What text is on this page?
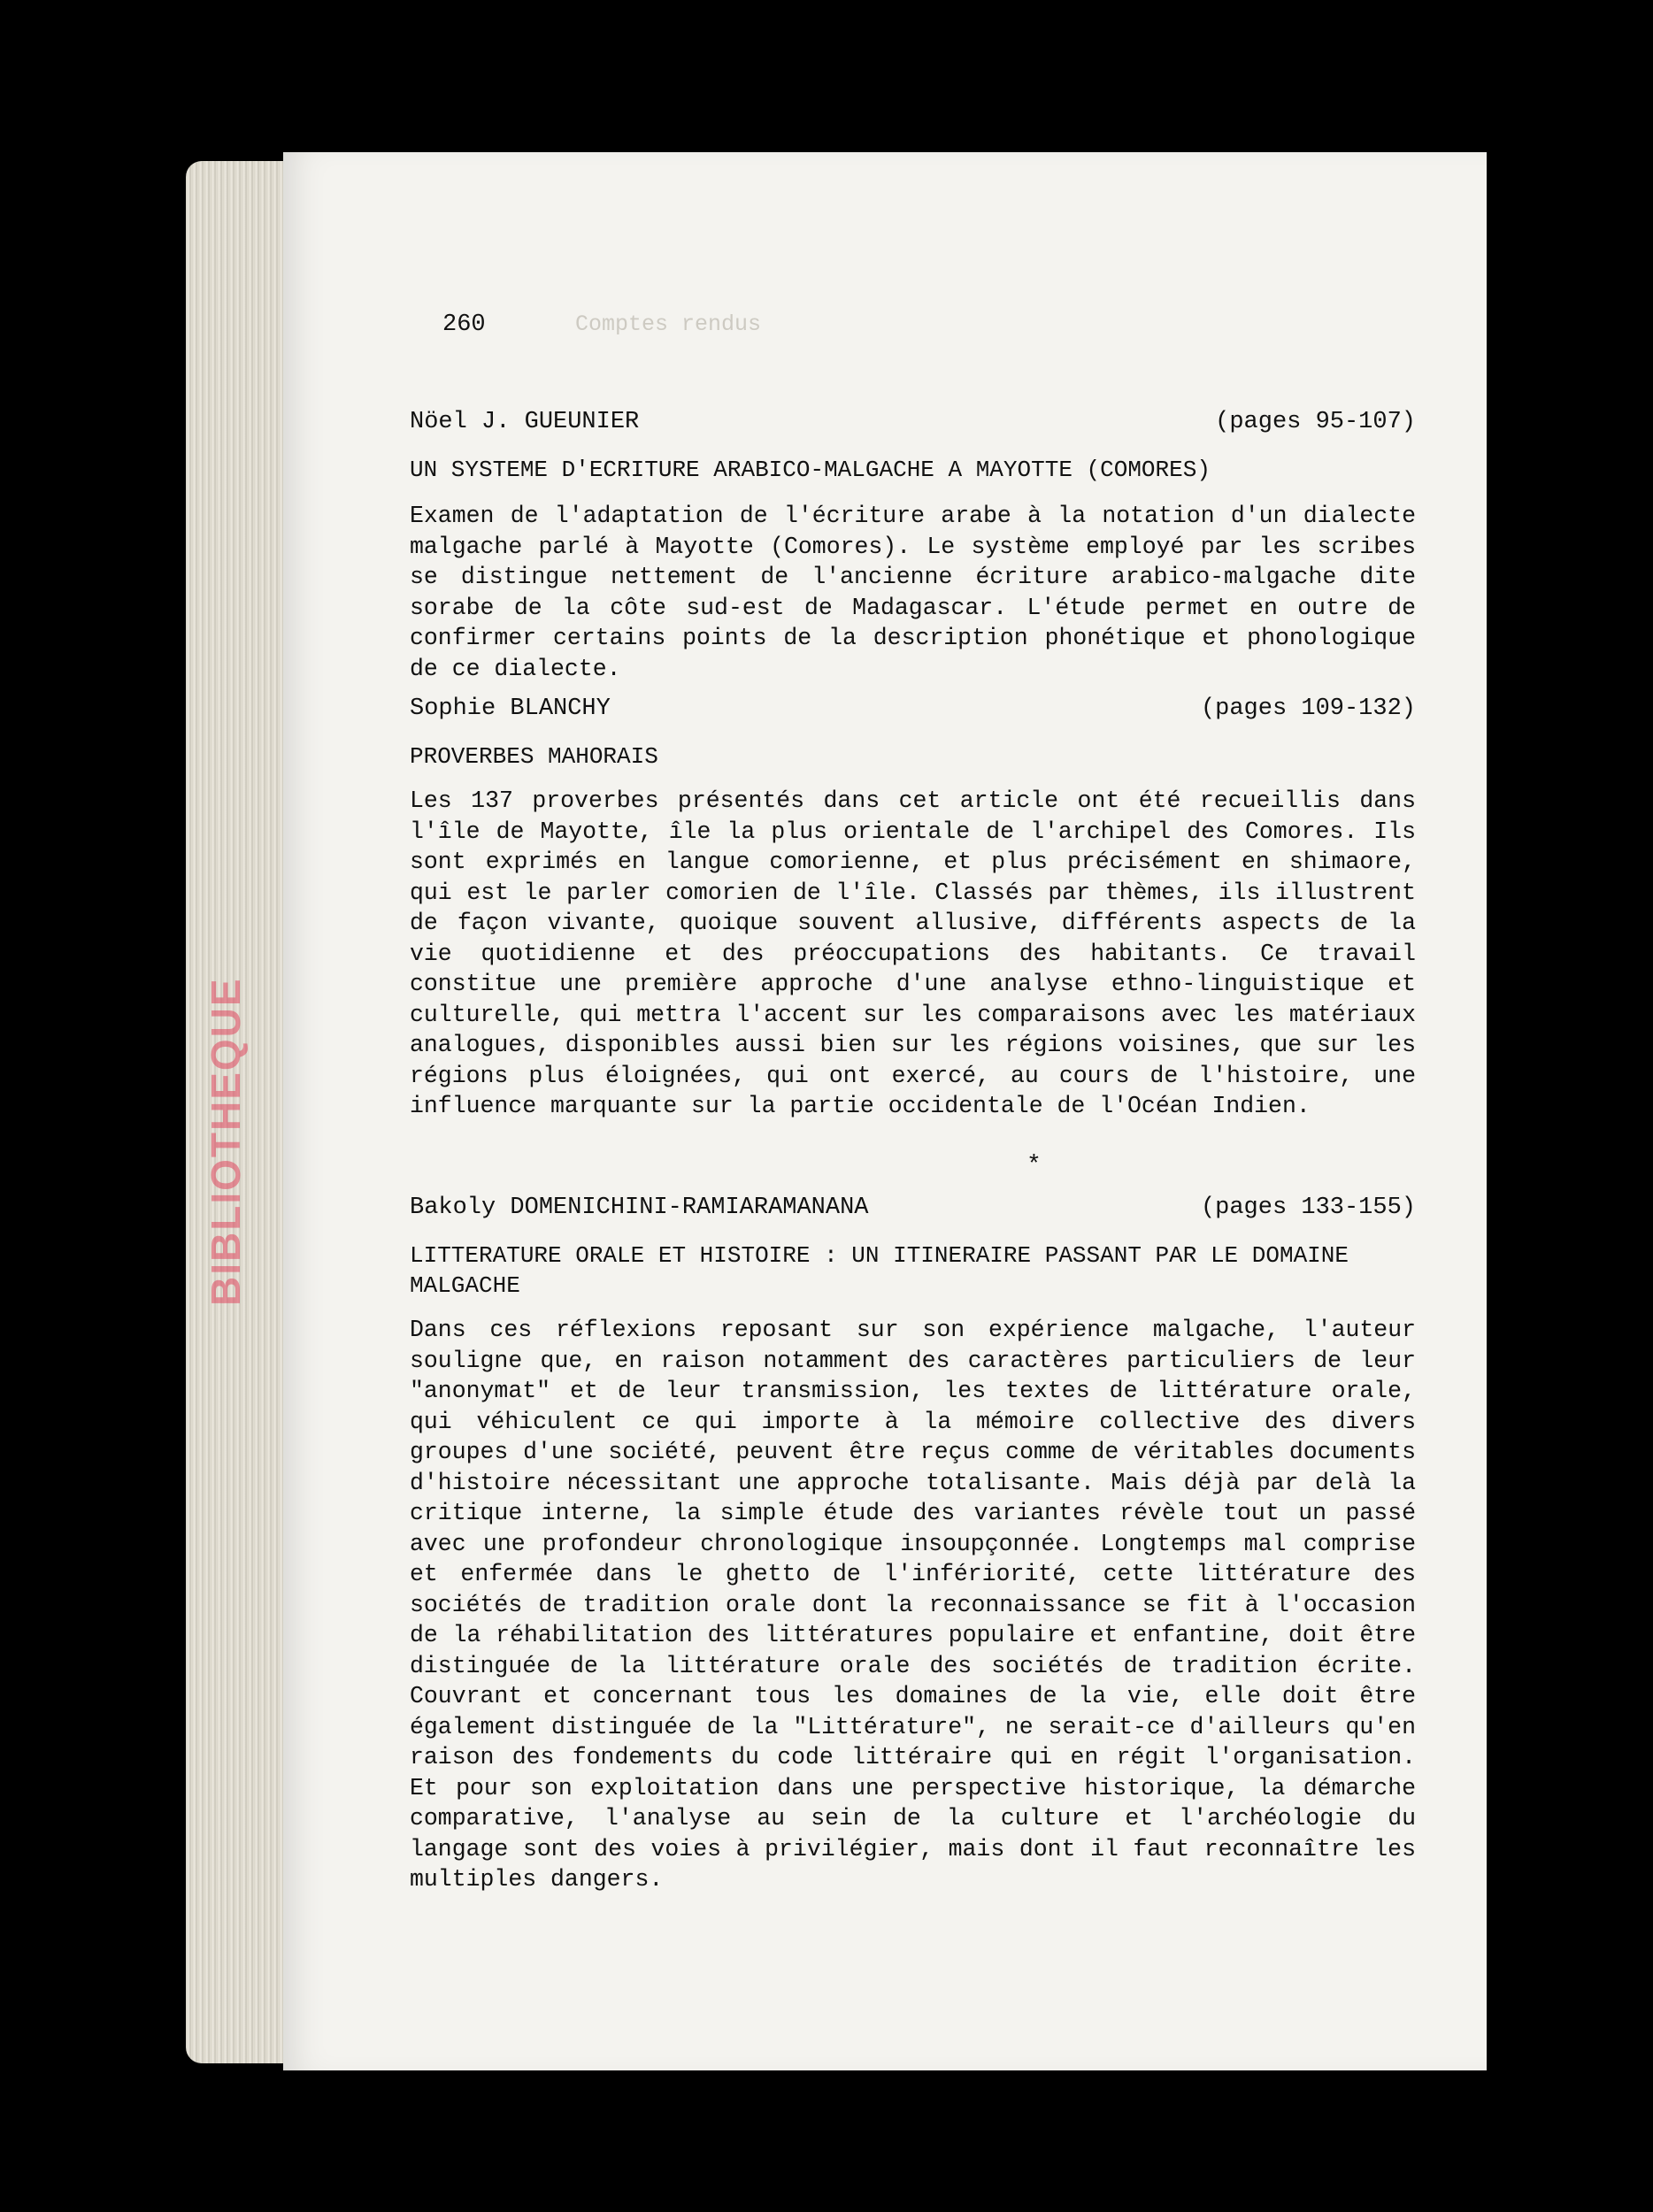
BIBLIOTHEQUE
260	Comptes rendus
Nöel J. GUEUNIER	(pages 95-107)
UN SYSTEME D'ECRITURE ARABICO-MALGACHE A MAYOTTE (COMORES)
Examen de l'adaptation de l'écriture arabe à la notation d'un dialecte malgache parlé à Mayotte (Comores). Le système employé par les scribes se distingue nettement de l'ancienne écriture arabico-malgache dite sorabe de la côte sud-est de Madagascar. L'étude permet en outre de confirmer certains points de la description phonétique et phonologique de ce dialecte.
Sophie BLANCHY	(pages 109-132)
PROVERBES MAHORAIS
Les 137 proverbes présentés dans cet article ont été recueillis dans l'île de Mayotte, île la plus orientale de l'archipel des Comores. Ils sont exprimés en langue comorienne, et plus précisément en shimaore, qui est le parler comorien de l'île. Classés par thèmes, ils illustrent de façon vivante, quoique souvent allusive, différents aspects de la vie quotidienne et des préoccupations des habitants. Ce travail constitue une première approche d'une analyse ethno-linguistique et culturelle, qui mettra l'accent sur les comparaisons avec les matériaux analogues, disponibles aussi bien sur les régions voisines, que sur les régions plus éloignées, qui ont exercé, au cours de l'histoire, une influence marquante sur la partie occidentale de l'Océan Indien.
*
Bakoly DOMENICHINI-RAMIARAMANANA	(pages 133-155)
LITTERATURE ORALE ET HISTOIRE : UN ITINERAIRE PASSANT PAR LE DOMAINE MALGACHE
Dans ces réflexions reposant sur son expérience malgache, l'auteur souligne que, en raison notamment des caractères particuliers de leur "anonymat" et de leur transmission, les textes de littérature orale, qui véhiculent ce qui importe à la mémoire collective des divers groupes d'une société, peuvent être reçus comme de véritables documents d'histoire nécessitant une approche totalisante. Mais déjà par delà la critique interne, la simple étude des variantes révèle tout un passé avec une profondeur chronologique insoupçonnée. Longtemps mal comprise et enfermée dans le ghetto de l'infériorité, cette littérature des sociétés de tradition orale dont la reconnaissance se fit à l'occasion de la réhabilitation des littératures populaire et enfantine, doit être distinguée de la littérature orale des sociétés de tradition écrite. Couvrant et concernant tous les domaines de la vie, elle doit être également distinguée de la "Littérature", ne serait-ce d'ailleurs qu'en raison des fondements du code littéraire qui en régit l'organisation. Et pour son exploitation dans une perspective historique, la démarche comparative, l'analyse au sein de la culture et l'archéologie du langage sont des voies à privilégier, mais dont il faut reconnaître les multiples dangers.
